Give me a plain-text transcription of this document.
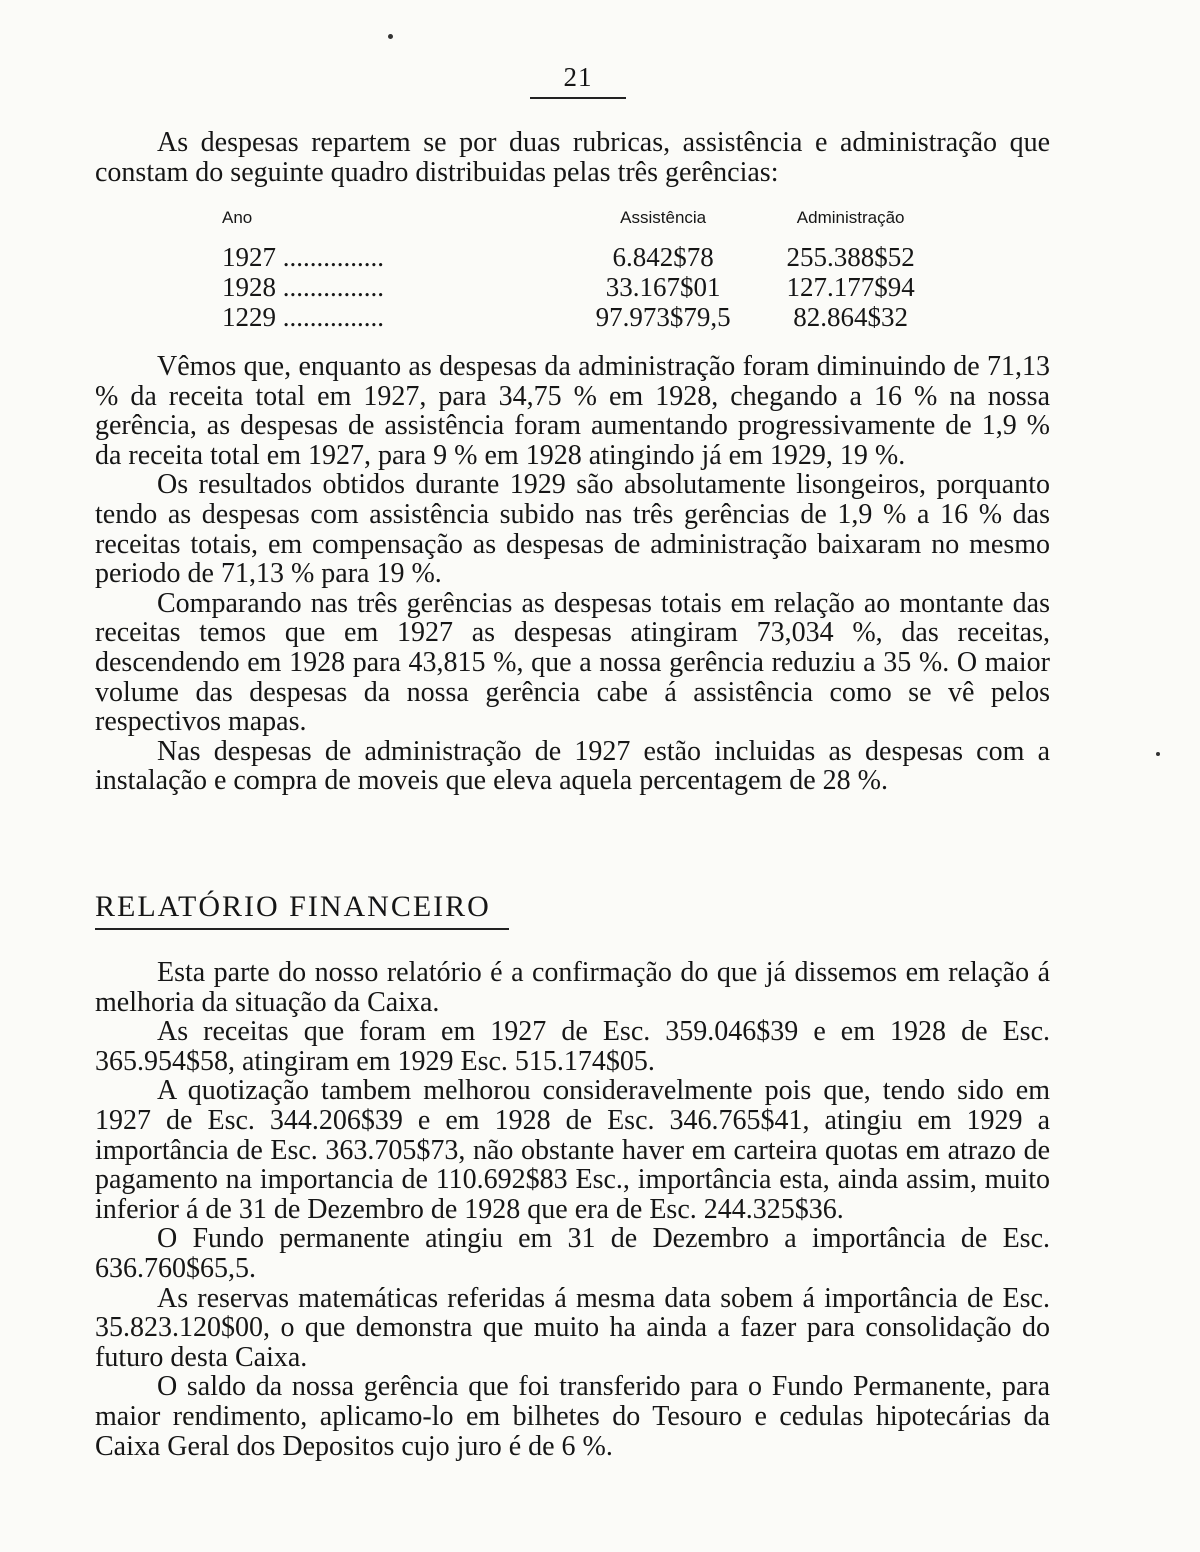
21

As despesas repartem se por duas rubricas, assistência e administração que constam do seguinte quadro distribuidas pelas três gerências:

Ano	Assistência	Administração
1927 ...............	6.842$78	255.388$52
1928 ...............	33.167$01	127.177$94
1229 ...............	97.973$79,5	82.864$32

Vêmos que, enquanto as despesas da administração foram diminuindo de 71,13 % da receita total em 1927, para 34,75 % em 1928, chegando a 16 % na nossa gerência, as despesas de assistência foram aumentando progressivamente de 1,9 % da receita total em 1927, para 9 % em 1928 atingindo já em 1929, 19 %.

Os resultados obtidos durante 1929 são absolutamente lisongeiros, porquanto tendo as despesas com assistência subido nas três gerências de 1,9 % a 16 % das receitas totais, em compensação as despesas de administração baixaram no mesmo periodo de 71,13 % para 19 %.

Comparando nas três gerências as despesas totais em relação ao montante das receitas temos que em 1927 as despesas atingiram 73,034 %, das receitas, descendendo em 1928 para 43,815 %, que a nossa gerência reduziu a 35 %. O maior volume das despesas da nossa gerência cabe á assistência como se vê pelos respectivos mapas.

Nas despesas de administração de 1927 estão incluidas as despesas com a instalação e compra de moveis que eleva aquela percentagem de 28 %.

RELATÓRIO FINANCEIRO

Esta parte do nosso relatório é a confirmação do que já dissemos em relação á melhoria da situação da Caixa.

As receitas que foram em 1927 de Esc. 359.046$39 e em 1928 de Esc. 365.954$58, atingiram em 1929 Esc. 515.174$05.

A quotização tambem melhorou consideravelmente pois que, tendo sido em 1927 de Esc. 344.206$39 e em 1928 de Esc. 346.765$41, atingiu em 1929 a importância de Esc. 363.705$73, não obstante haver em carteira quotas em atrazo de pagamento na importancia de 110.692$83 Esc., importância esta, ainda assim, muito inferior á de 31 de Dezembro de 1928 que era de Esc. 244.325$36.

O Fundo permanente atingiu em 31 de Dezembro a importância de Esc. 636.760$65,5.

As reservas matemáticas referidas á mesma data sobem á importância de Esc. 35.823.120$00, o que demonstra que muito ha ainda a fazer para consolidação do futuro desta Caixa.

O saldo da nossa gerência que foi transferido para o Fundo Permanente, para maior rendimento, aplicamo-lo em bilhetes do Tesouro e cedulas hipotecárias da Caixa Geral dos Depositos cujo juro é de 6 %.
